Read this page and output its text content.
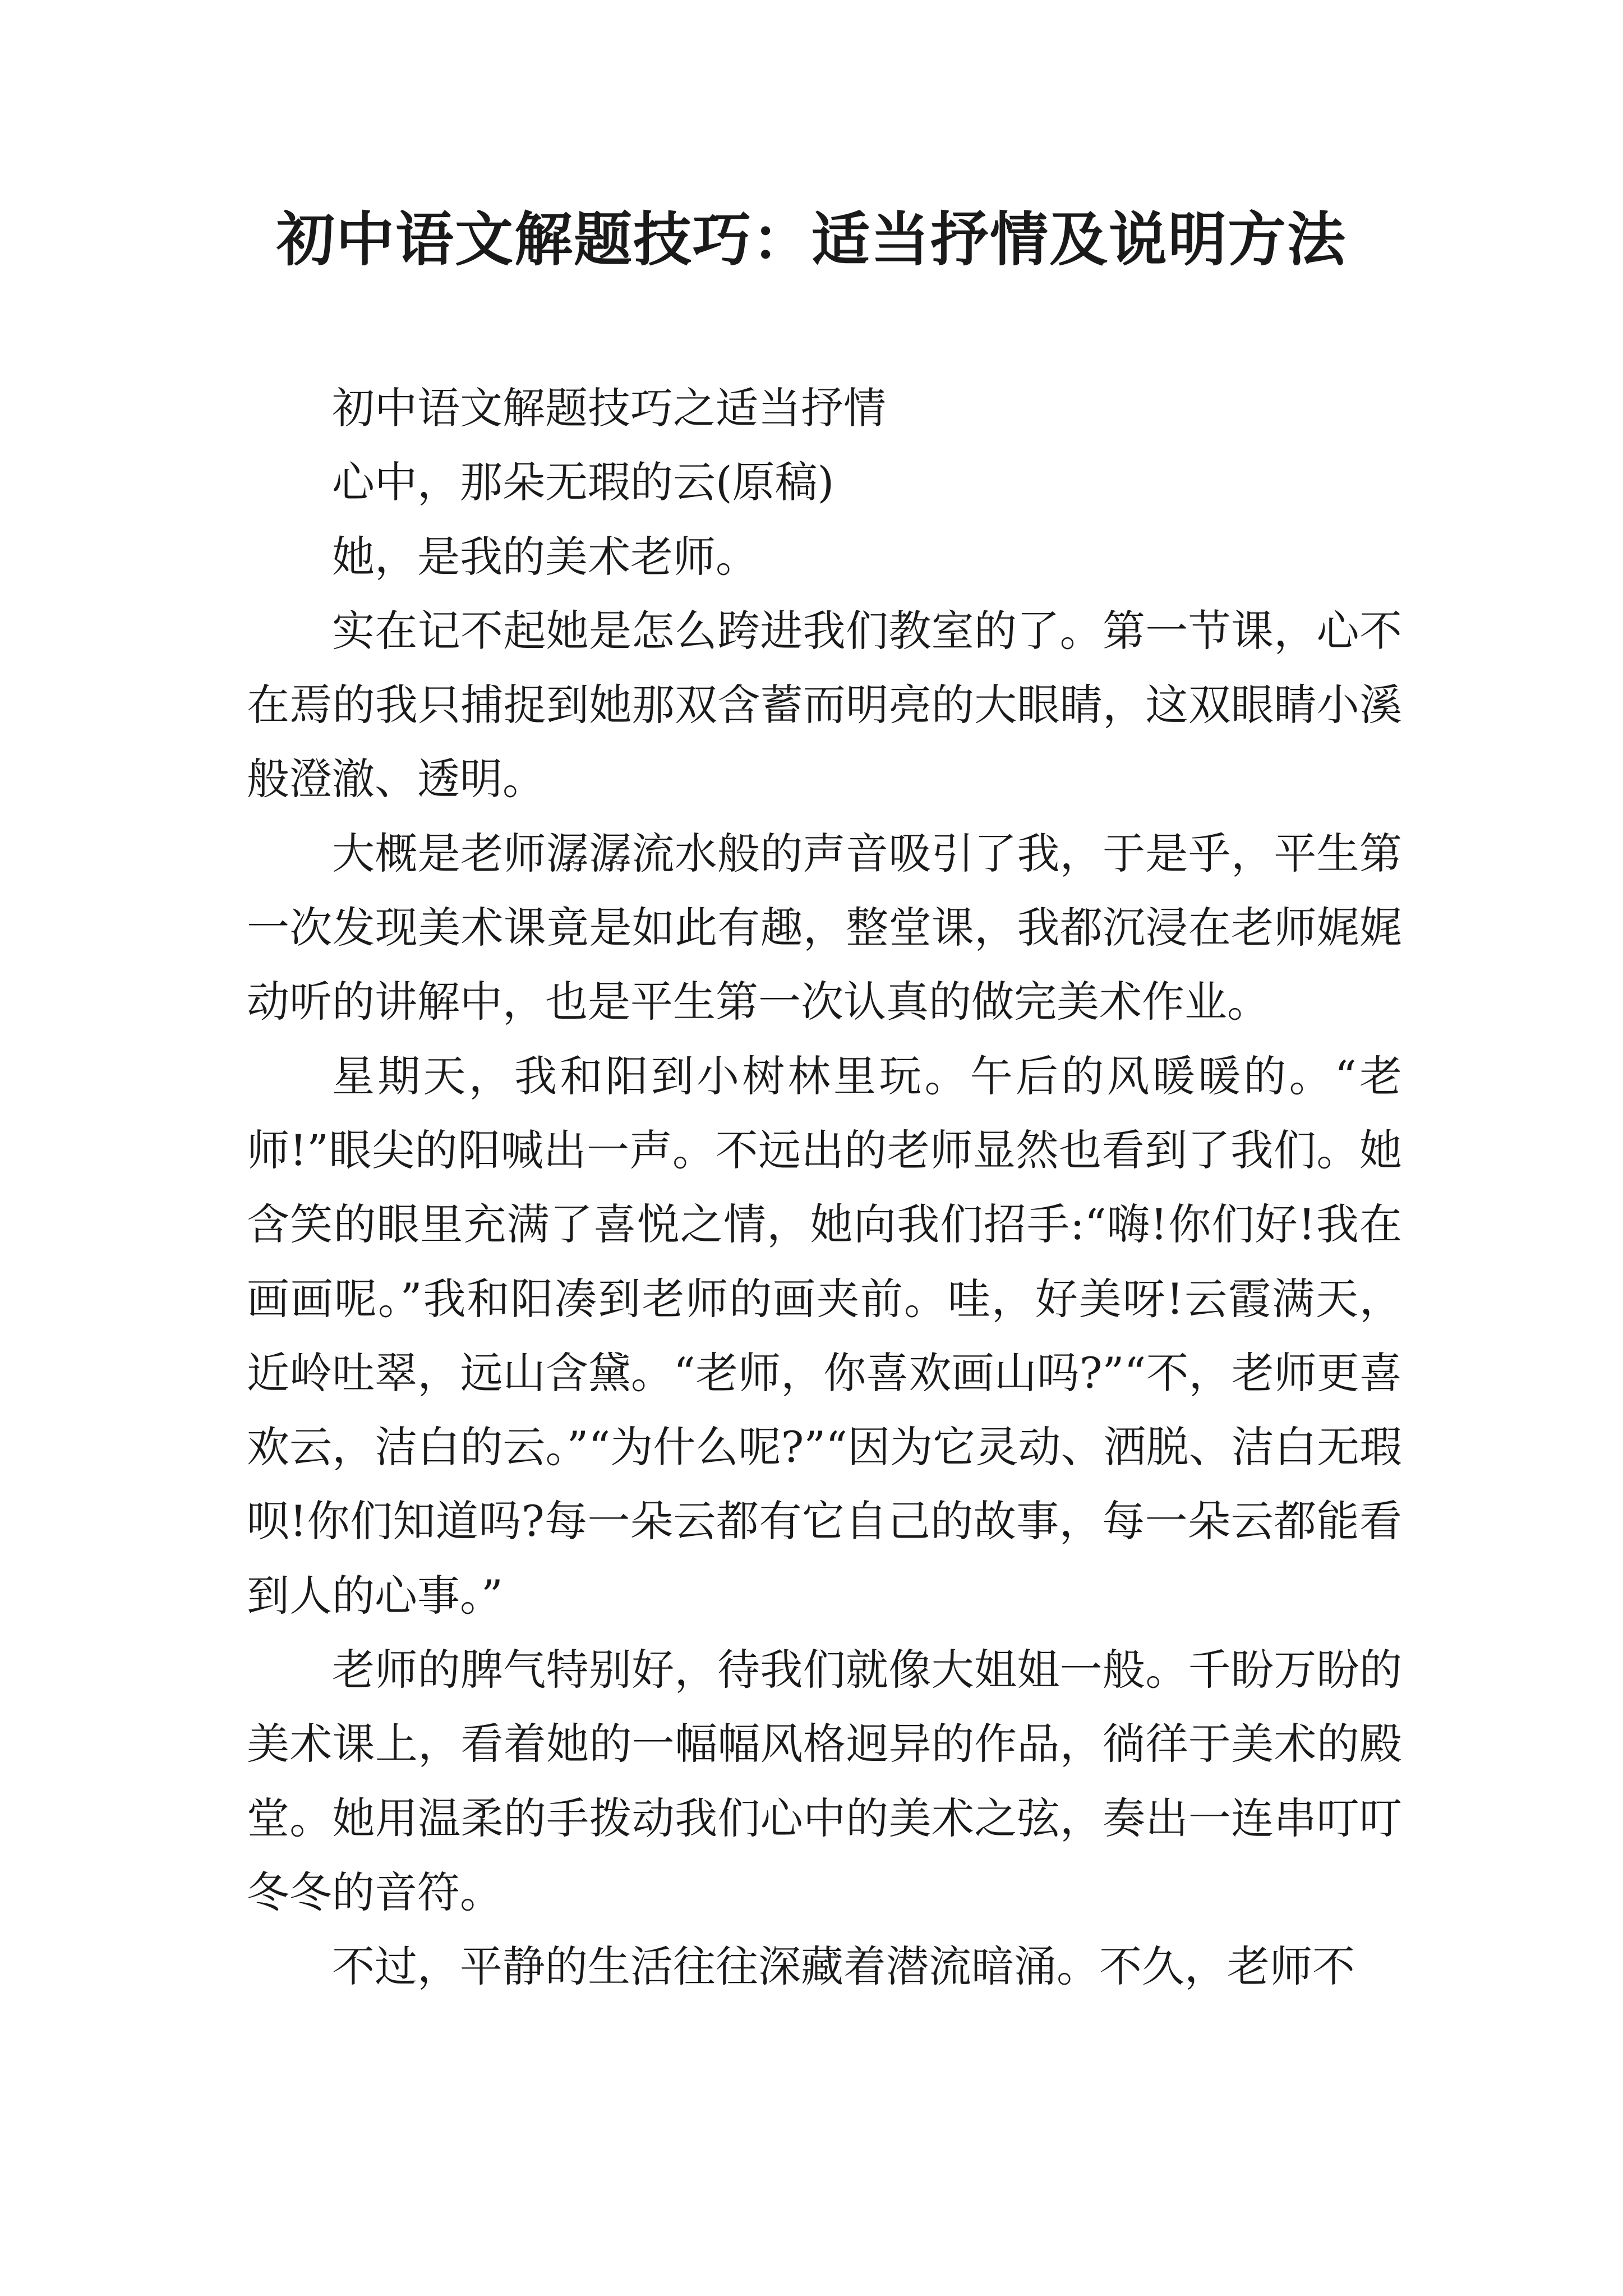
初中语文解题技巧：适当抒情及说明方法

初中语文解题技巧之适当抒情

心中，那朵无瑕的云(原稿)

她，是我的美术老师。

实在记不起她是怎么跨进我们教室的了。第一节课，心不在焉的我只捕捉到她那双含蓄而明亮的大眼睛，这双眼睛小溪般澄澈、透明。

大概是老师潺潺流水般的声音吸引了我，于是乎，平生第一次发现美术课竟是如此有趣，整堂课，我都沉浸在老师娓娓动听的讲解中，也是平生第一次认真的做完美术作业。

星期天，我和阳到小树林里玩。午后的风暖暖的。“老师!”眼尖的阳喊出一声。不远出的老师显然也看到了我们。她含笑的眼里充满了喜悦之情，她向我们招手:“嗨!你们好!我在画画呢。”我和阳凑到老师的画夹前。哇，好美呀!云霞满天，近岭吐翠，远山含黛。“老师，你喜欢画山吗?”“不，老师更喜欢云，洁白的云。”“为什么呢?”“因为它灵动、洒脱、洁白无瑕呗!你们知道吗?每一朵云都有它自己的故事，每一朵云都能看到人的心事。”

老师的脾气特别好，待我们就像大姐姐一般。千盼万盼的美术课上，看着她的一幅幅风格迥异的作品，徜徉于美术的殿堂。她用温柔的手拨动我们心中的美术之弦，奏出一连串叮叮冬冬的音符。

不过，平静的生活往往深藏着潜流暗涌。不久，老师不
